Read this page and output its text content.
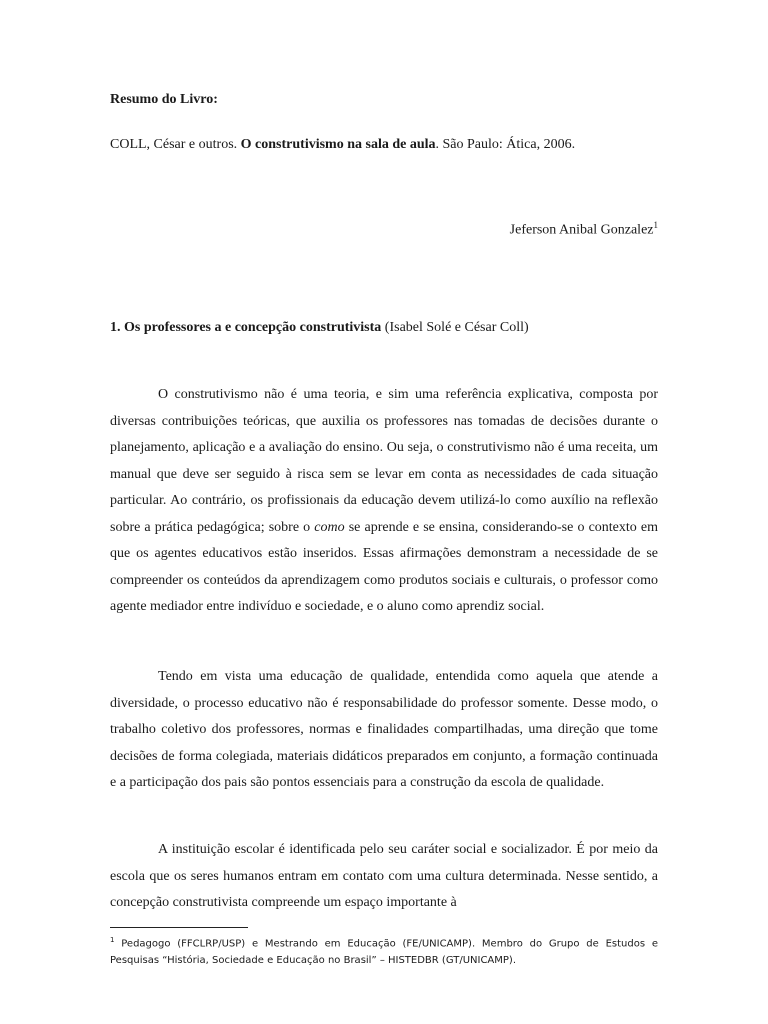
Resumo do Livro:
COLL, César e outros. O construtivismo na sala de aula. São Paulo: Ática, 2006.
Jeferson Anibal Gonzalez$^1$
1. Os professores a e concepção construtivista (Isabel Solé e César Coll)

O construtivismo não é uma teoria, e sim uma referência explicativa, composta por diversas contribuições teóricas, que auxilia os professores nas tomadas de decisões durante o planejamento, aplicação e a avaliação do ensino. Ou seja, o construtivismo não é uma receita, um manual que deve ser seguido à risca sem se levar em conta as necessidades de cada situação particular. Ao contrário, os profissionais da educação devem utilizá-lo como auxílio na reflexão sobre a prática pedagógica; sobre o como se aprende e se ensina, considerando-se o contexto em que os agentes educativos estão inseridos. Essas afirmações demonstram a necessidade de se compreender os conteúdos da aprendizagem como produtos sociais e culturais, o professor como agente mediador entre indivíduo e sociedade, e o aluno como aprendiz social.

Tendo em vista uma educação de qualidade, entendida como aquela que atende a diversidade, o processo educativo não é responsabilidade do professor somente. Desse modo, o trabalho coletivo dos professores, normas e finalidades compartilhadas, uma direção que tome decisões de forma colegiada, materiais didáticos preparados em conjunto, a formação continuada e a participação dos pais são pontos essenciais para a construção da escola de qualidade.

A instituição escolar é identificada pelo seu caráter social e socializador. É por meio da escola que os seres humanos entram em contato com uma cultura determinada. Nesse sentido, a concepção construtivista compreende um espaço importante à

$^1$ Pedagogo (FFCLRP/USP) e Mestrando em Educação (FE/UNICAMP). Membro do Grupo de Estudos e Pesquisas “História, Sociedade e Educação no Brasil” – HISTEDBR (GT/UNICAMP).
